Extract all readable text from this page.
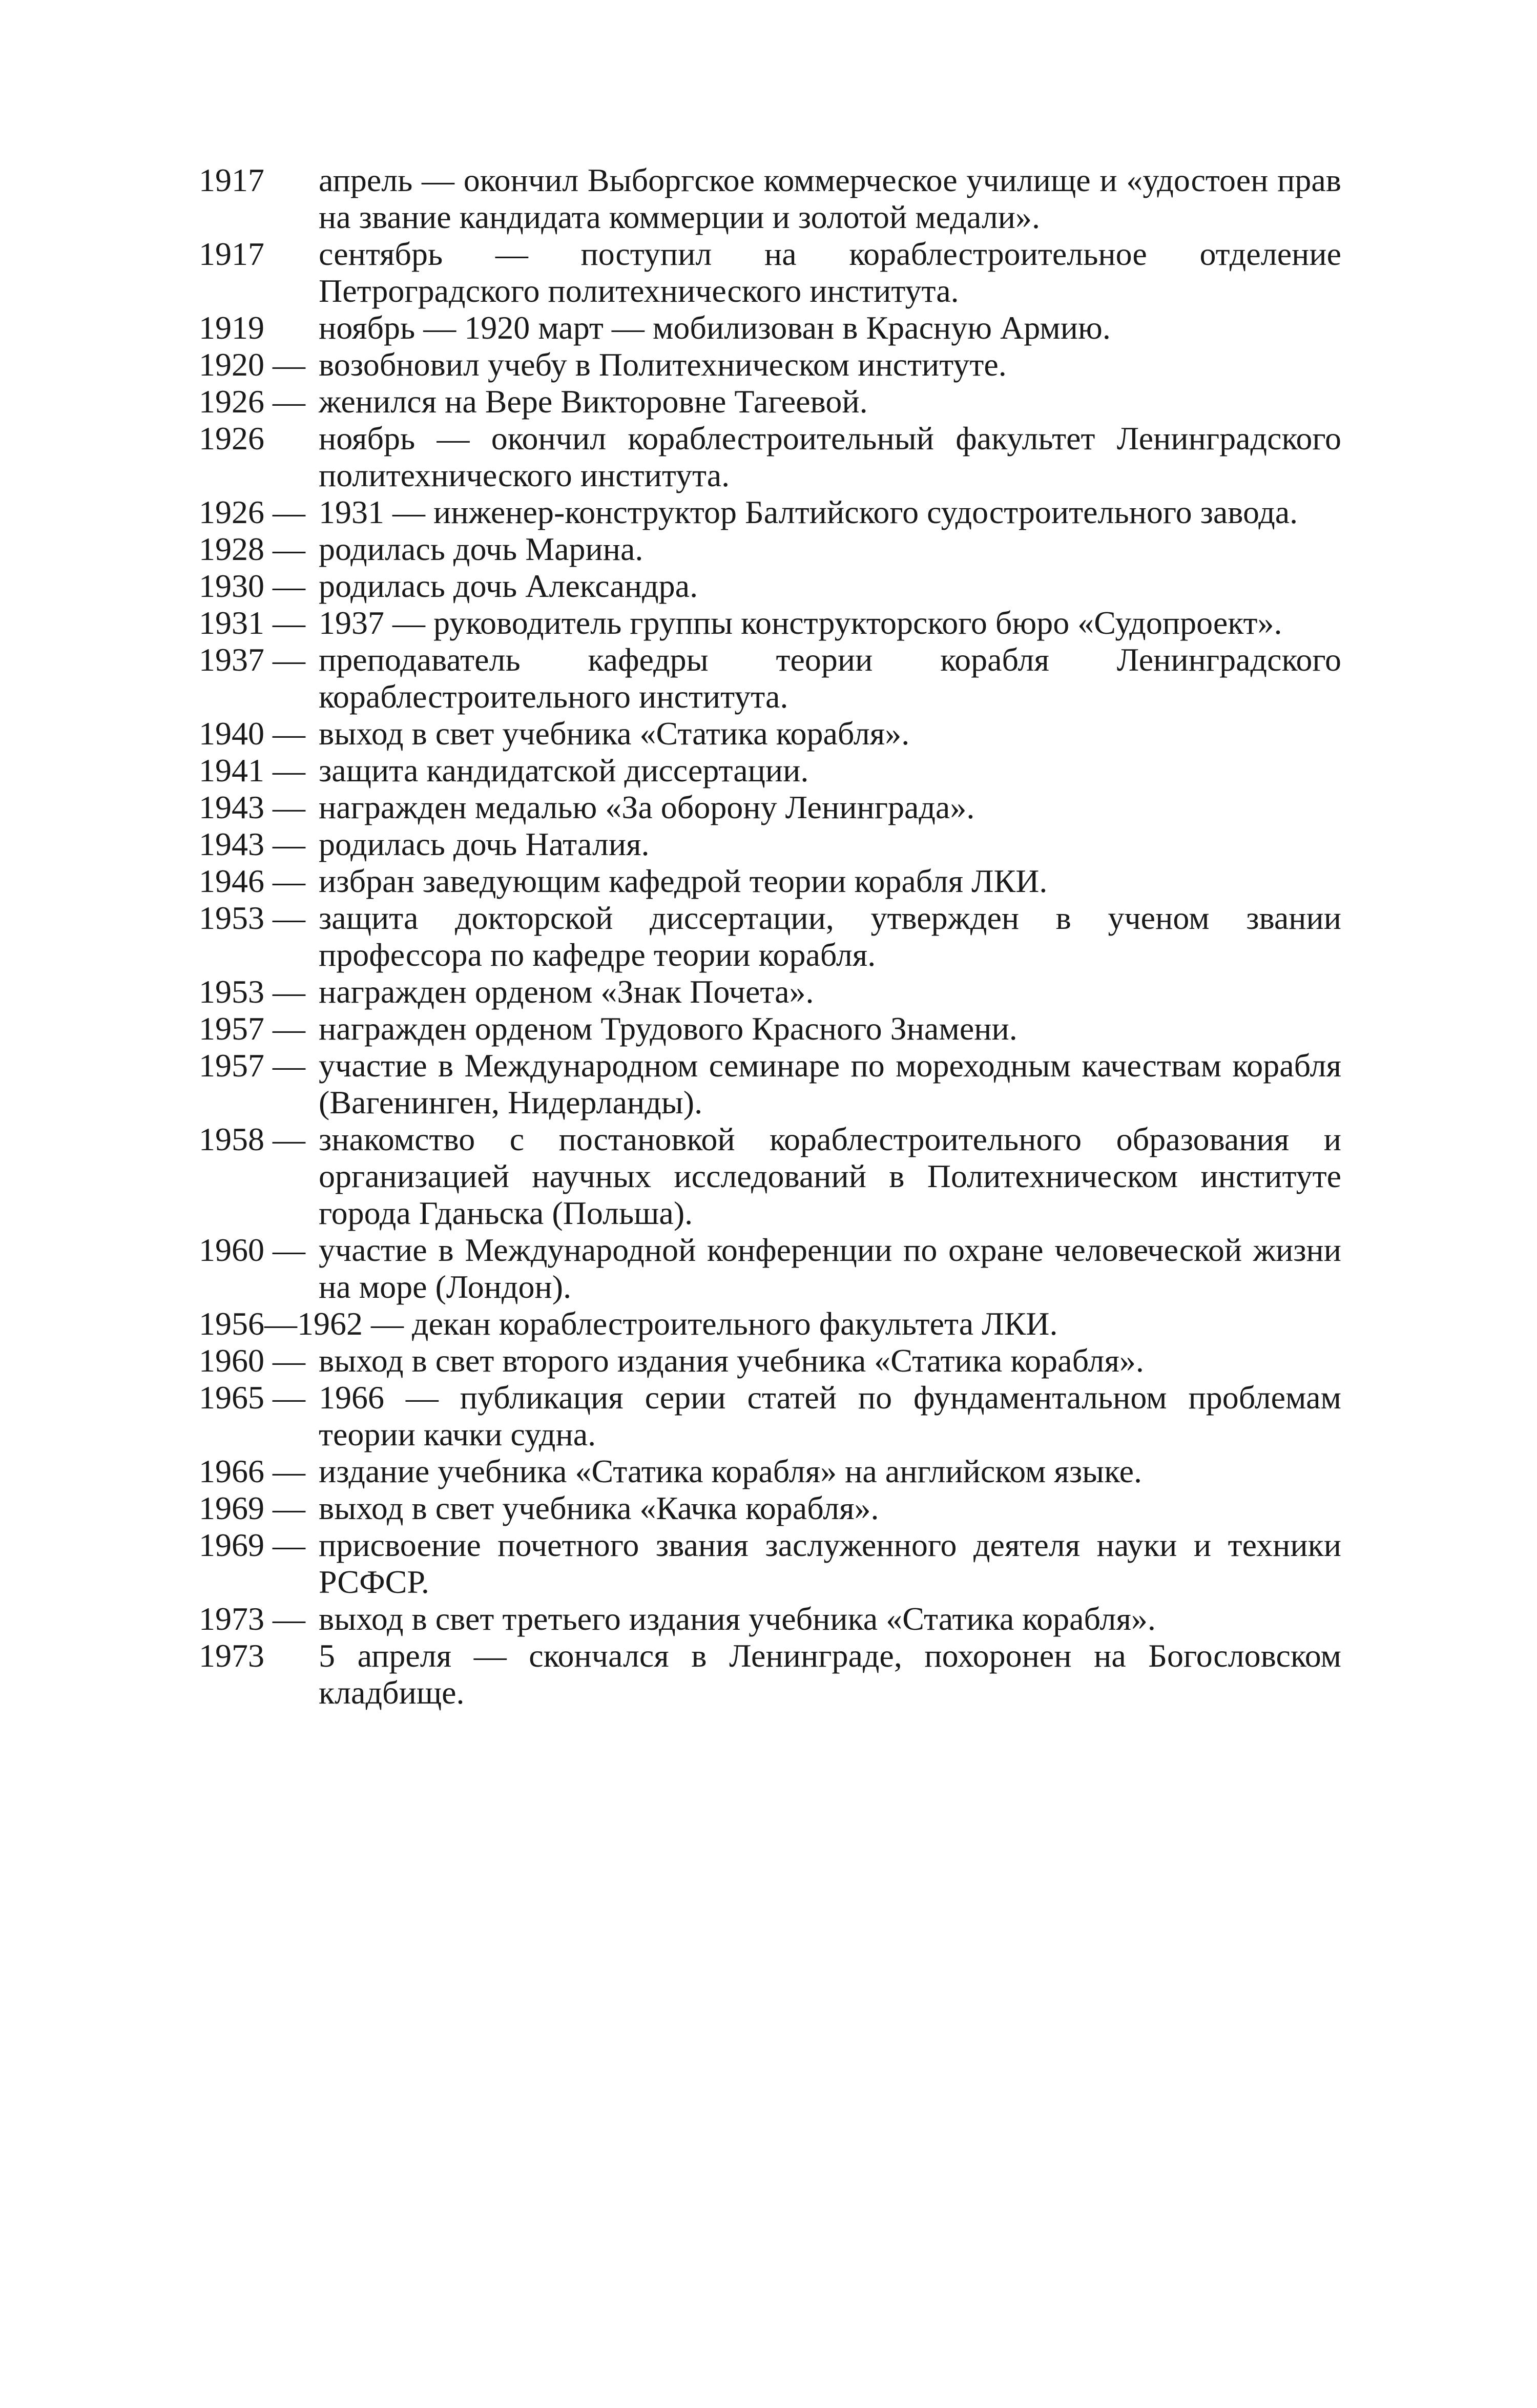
1917	апрель — окончил Выборгское коммерческое училище и «удостоен прав на звание кандидата коммерции и золотой медали».
1917	сентябрь — поступил на кораблестроительное отделение Петроградского политехнического института.
1919	ноябрь — 1920 март — мобилизован в Красную Армию.
1920 — возобновил учебу в Политехническом институте.
1926 — женился на Вере Викторовне Тагеевой.
1926	ноябрь — окончил кораблестроительный факультет Ленинградского политехнического института.
1926 — 1931 — инженер-конструктор Балтийского судостроительного завода.
1928 — родилась дочь Марина.
1930 — родилась дочь Александра.
1931 — 1937 — руководитель группы конструкторского бюро «Судопроект».
1937 — преподаватель кафедры теории корабля Ленинградского кораблестроительного института.
1940 — выход в свет учебника «Статика корабля».
1941 — защита кандидатской диссертации.
1943 — награжден медалью «За оборону Ленинграда».
1943 — родилась дочь Наталия.
1946 — избран заведующим кафедрой теории корабля ЛКИ.
1953 — защита докторской диссертации, утвержден в ученом звании профессора по кафедре теории корабля.
1953 — награжден орденом «Знак Почета».
1957 — награжден орденом Трудового Красного Знамени.
1957 — участие в Международном семинаре по мореходным качествам корабля (Вагенинген, Нидерланды).
1958 — знакомство с постановкой кораблестроительного образования и организацией научных исследований в Политехническом институте города Гданьска (Польша).
1960 — участие в Международной конференции по охране человеческой жизни на море (Лондон).
1956—1962 — декан кораблестроительного факультета ЛКИ.
1960 — выход в свет второго издания учебника «Статика корабля».
1965 — 1966 — публикация серии статей по фундаментальном проблемам теории качки судна.
1966 — издание учебника «Статика корабля» на английском языке.
1969 — выход в свет учебника «Качка корабля».
1969 — присвоение почетного звания заслуженного деятеля науки и техники РСФСР.
1973 — выход в свет третьего издания учебника «Статика корабля».
1973	5 апреля — скончался в Ленинграде, похоронен на Богословском кладбище.
